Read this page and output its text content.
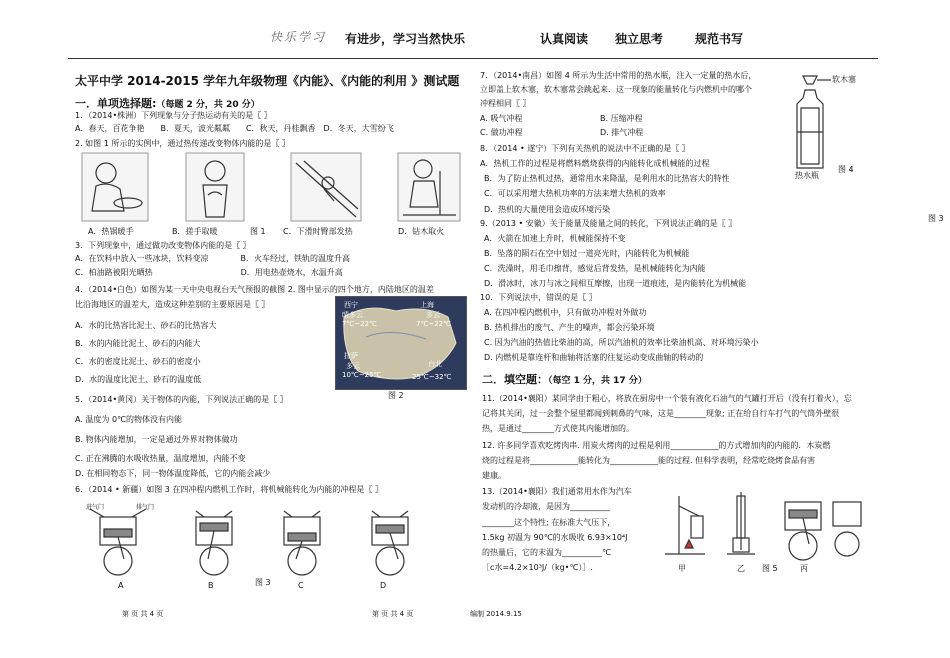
快乐学习 有进步，学习当然快乐	认真阅读 独立思考	规范书写
太平中学 2014-2015 学年九年级物理《内能》、《内能的利用 》测试题
一．单项选择题:（每题 2 分，共 20 分）
1．（2014•株洲）下列现象与分子热运动有关的是〖 〗
A．春天，百花争艳　　B．夏天，波光粼粼　　C．秋天，丹桂飘香　D．冬天，大雪纷飞
2. 如图 1 所示的实例中，通过热传递改变物体内能的是〖 〗
A．热锅暖手	B．搓手取暖	图 1 C．下滑时臀部发热	D．钻木取火
3．下列现象中，通过做功改变物体内能的是〖 〗
A．在饮料中放入一些冰块，饮料变凉　　　　B．火车经过，铁轨的温度升高
C．柏油路被阳光晒热　　　　　　　　　　　D．用电热壶烧水，水温升高
4．（2014•白色）如图为某一天中央电视台天气预报的截图 2. 图中显示的四个地方，内陆地区的温差
比沿海地区的温差大，造成这种差别的主要原因是〖 〗
A．水的比热容比泥土、砂石的比热容大
B．水的内能比泥土、砂石的内能大
C．水的密度比泥土、砂石的密度小
D．水的温度比泥土、砂石的温度低
西宁
晴多云
7℃~22℃
上海
多云
7℃~22℃
拉萨
多云
10℃~25℃
台北
25℃~32℃
图 2
5．（2014•黄冈）关于物体的内能，下列说法正确的是〖 〗
A. 温度为 0℃的物体没有内能
B. 物体内能增加，一定是通过外界对物体做功
C. 正在沸腾的水吸收热量，温度增加，内能不变
D. 在相同物态下，同一物体温度降低，它的内能会减少
6．（2014 • 新疆）如图 3 在四冲程内燃机工作时，将机械能转化为内能的冲程是〖 〗
进气门	排气门
A	B	图 3	C	D
7．（2014•南昌）如图 4 所示为生活中常用的热水瓶，注入一定量的热水后，
立即盖上软木塞，软木塞常会跳起来．这一现象的能量转化与内燃机中的哪个
冲程相同〖 〗
A. 吸气冲程	B. 压缩冲程
C. 做功冲程	D. 排气冲程
软木塞
图 4
热水瓶
8．（2014 • 遂宁）下列有关热机的说法中不正确的是〖 〗
A．热机工作的过程是将燃料燃烧获得的内能转化成机械能的过程
B．为了防止热机过热，通常用水来降温，是利用水的比热容大的特性
C．可以采用增大热机功率的方法来增大热机的效率
D．热机的大量使用会造成环境污染
9.（2013 • 安徽）关于能量及能量之间的转化，下列说法正确的是〖 〗
A．火箭在加速上升时，机械能保持不变
B．坠落的陨石在空中划过一道亮光时，内能转化为机械能
C．洗澡时，用毛巾擦背，感觉后背发热，是机械能转化为内能
D．滑冰时，冰刀与冰之间相互摩擦，出现一道痕迹，是内能转化为机械能
10．下列说法中，错误的是〖 〗
A. 在四冲程内燃机中，只有做功冲程对外做功
B. 热机排出的废气、产生的噪声，都会污染环境
C. 因为汽油的热值比柴油的高，所以汽油机的效率比柴油机高、对环境污染小
D. 内燃机是靠连杆和曲轴将活塞的往复运动变成曲轴的转动的
二．填空题：（每空 1 分，共 17 分）
11.（2014•襄阳）某同学由于粗心，将放在厨房中一个装有液化石油气的气罐打开后（没有打着火），忘
记将其关闭，过一会整个屋里都闻到刺鼻的气味，这是________现象; 正在给自行车打气的气筒外壁很
热，是通过________方式使其内能增加的。
12. 许多同学喜欢吃烤肉串. 用炭火烤肉的过程是利用____________的方式增加肉的内能的．木炭燃
烧的过程是将____________能转化为____________能的过程. 但科学表明，经常吃烧烤食品有害
建康。
13.（2014•襄阳）我们通常用水作为汽车
发动机的冷却液，是因为__________
________这个特性; 在标准大气压下，
1.5kg 初温为 90℃的水吸收 6.93×10⁴J
的热量后，它的末温为__________℃
［c水=4.2×10³J/（kg•℃）］.	甲	乙 图 5	丙
图 3
第 页 共 4 页	第 页 共 4 页	编制 2014.9.15
